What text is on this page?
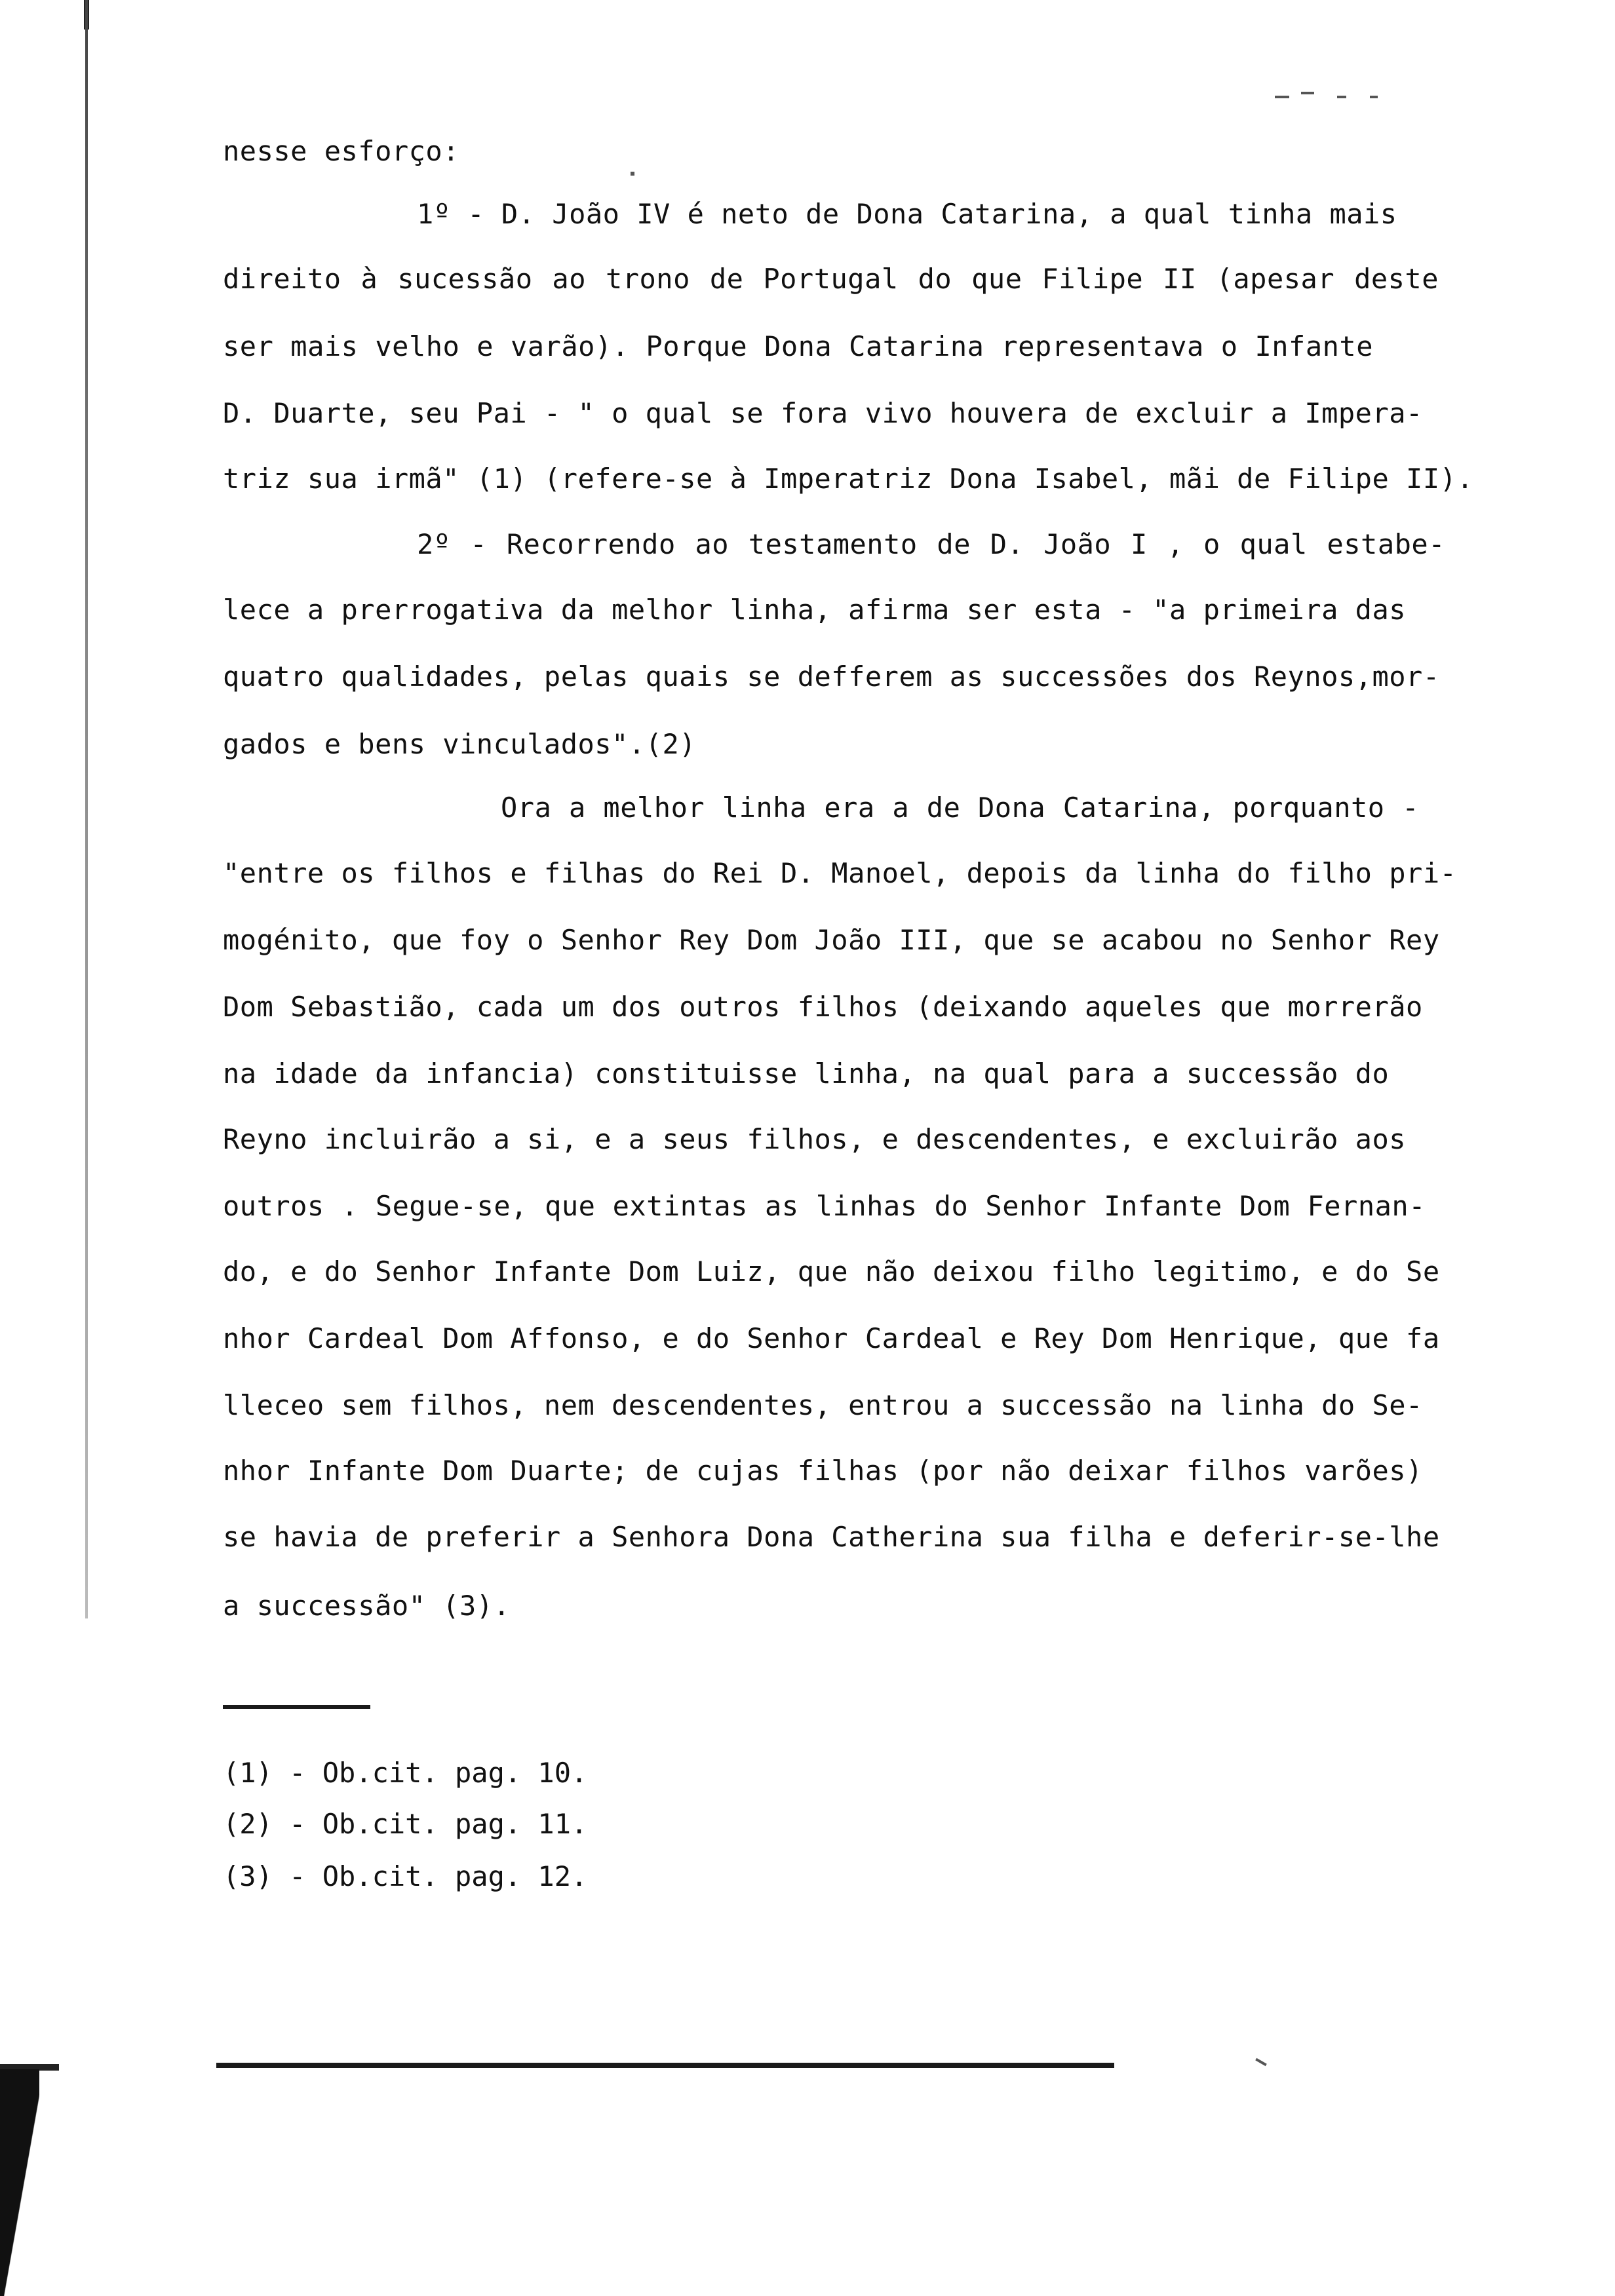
nesse esforço:
1º - D. João IV é neto de Dona Catarina, a qual tinha mais
direito à sucessão ao trono de Portugal do que Filipe II (apesar deste
ser mais velho e varão). Porque Dona Catarina representava o Infante
D. Duarte, seu Pai - " o qual se fora vivo houvera de excluir a Impera-
triz sua irmã" (1) (refere-se à Imperatriz Dona Isabel, mãi de Filipe II).
2º - Recorrendo ao testamento de D. João I , o qual estabe-
lece a prerrogativa da melhor linha, afirma ser esta - "a primeira das
quatro qualidades, pelas quais se defferem as successões dos Reynos,mor-
gados e bens vinculados".(2)
Ora a melhor linha era a de Dona Catarina, porquanto -
"entre os filhos e filhas do Rei D. Manoel, depois da linha do filho pri-
mogénito, que foy o Senhor Rey Dom João III, que se acabou no Senhor Rey
Dom Sebastião, cada um dos outros filhos (deixando aqueles que morrerão
na idade da infancia) constituisse linha, na qual para a successão do
Reyno incluirão a si, e a seus filhos, e descendentes, e excluirão aos
outros . Segue-se, que extintas as linhas do Senhor Infante Dom Fernan-
do, e do Senhor Infante Dom Luiz, que não deixou filho legitimo, e do Se
nhor Cardeal Dom Affonso, e do Senhor Cardeal e Rey Dom Henrique, que fa
lleceo sem filhos, nem descendentes, entrou a successão na linha do Se-
nhor Infante Dom Duarte; de cujas filhas (por não deixar filhos varões)
se havia de preferir a Senhora Dona Catherina sua filha e deferir-se-lhe
a successão" (3).
(1) - Ob.cit. pag. 10.
(2) - Ob.cit. pag. 11.
(3) - Ob.cit. pag. 12.
